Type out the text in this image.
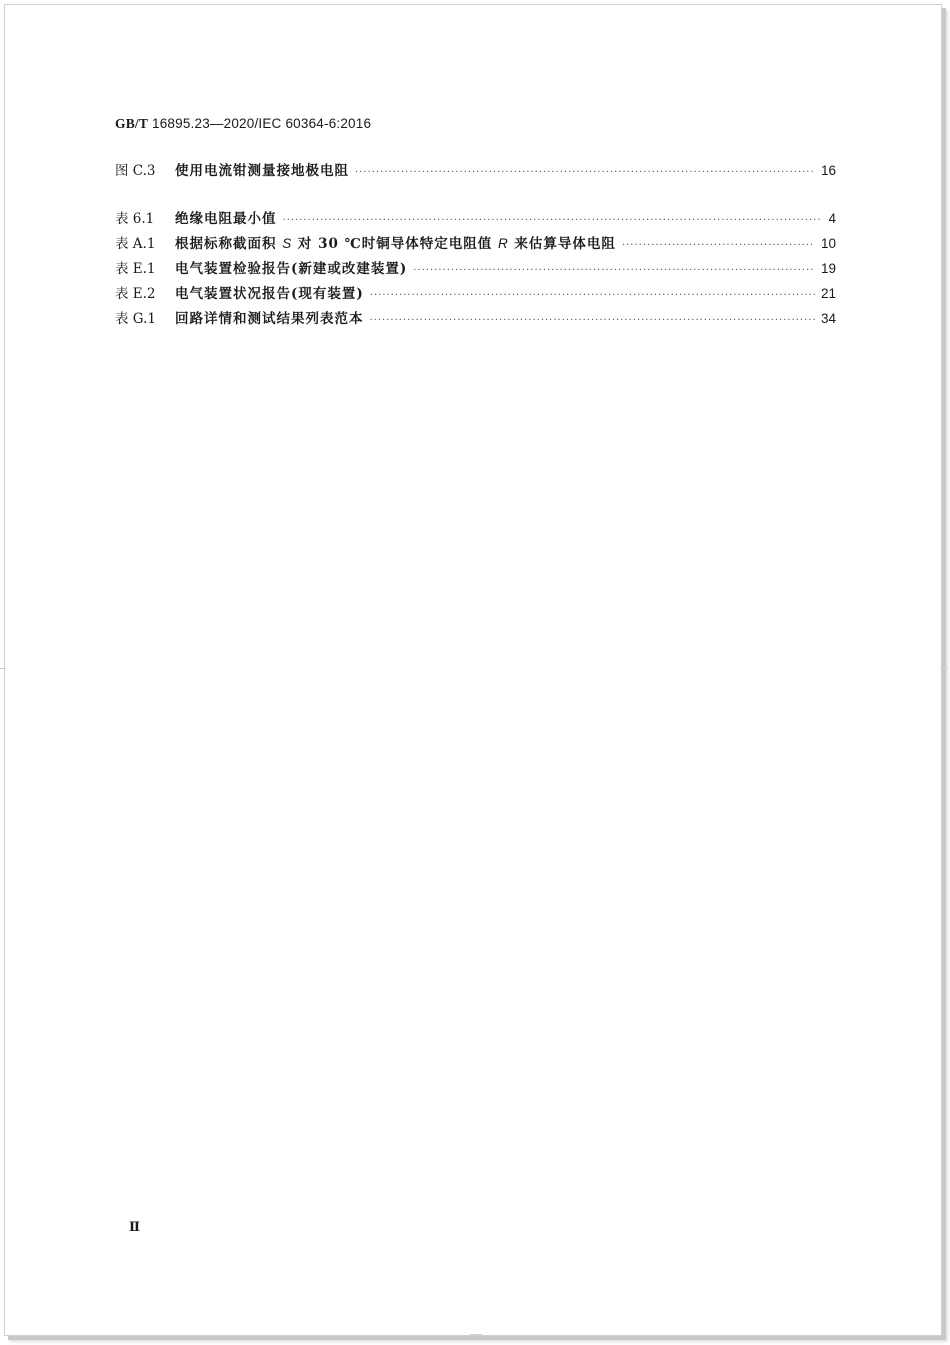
GB/T 16895.23—2020/IEC 60364-6:2016
图 C.3	使用电流钳测量接地极电阻 ·····	16
表 6.1	绝缘电阻最小值 ·····	4
表 A.1	根据标称截面积 S 对 30 ℃时铜导体特定电阻值 R 来估算导体电阻 ·····	10
表 E.1	电气装置检验报告(新建或改建装置) ·····	19
表 E.2	电气装置状况报告(现有装置) ·····	21
表 G.1	回路详情和测试结果列表范本 ·····	34
Ⅱ
